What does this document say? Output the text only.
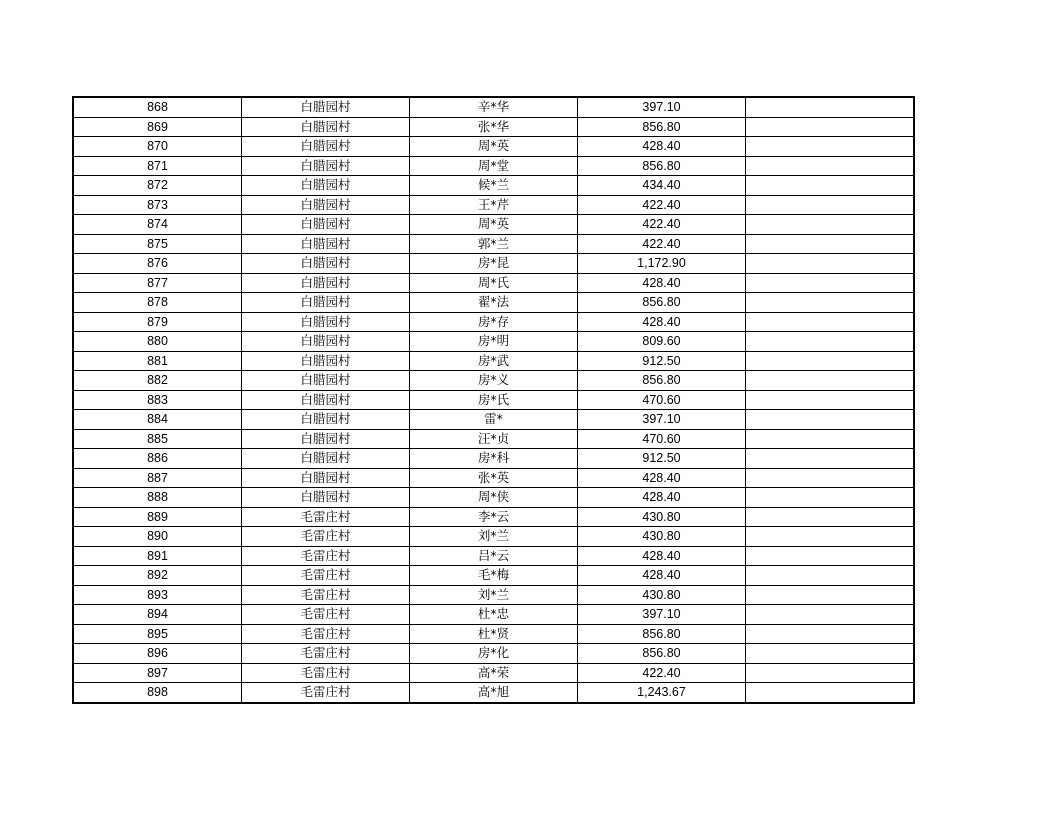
868	白腊园村	辛*华	397.10	
869	白腊园村	张*华	856.80	
870	白腊园村	周*英	428.40	
871	白腊园村	周*堂	856.80	
872	白腊园村	候*兰	434.40	
873	白腊园村	王*芹	422.40	
874	白腊园村	周*英	422.40	
875	白腊园村	郭*兰	422.40	
876	白腊园村	房*昆	1,172.90	
877	白腊园村	周*氏	428.40	
878	白腊园村	翟*法	856.80	
879	白腊园村	房*存	428.40	
880	白腊园村	房*明	809.60	
881	白腊园村	房*武	912.50	
882	白腊园村	房*义	856.80	
883	白腊园村	房*氏	470.60	
884	白腊园村	雷*	397.10	
885	白腊园村	汪*贞	470.60	
886	白腊园村	房*科	912.50	
887	白腊园村	张*英	428.40	
888	白腊园村	周*侠	428.40	
889	毛雷庄村	李*云	430.80	
890	毛雷庄村	刘*兰	430.80	
891	毛雷庄村	吕*云	428.40	
892	毛雷庄村	毛*梅	428.40	
893	毛雷庄村	刘*兰	430.80	
894	毛雷庄村	杜*忠	397.10	
895	毛雷庄村	杜*贤	856.80	
896	毛雷庄村	房*化	856.80	
897	毛雷庄村	高*荣	422.40	
898	毛雷庄村	高*旭	1,243.67	
